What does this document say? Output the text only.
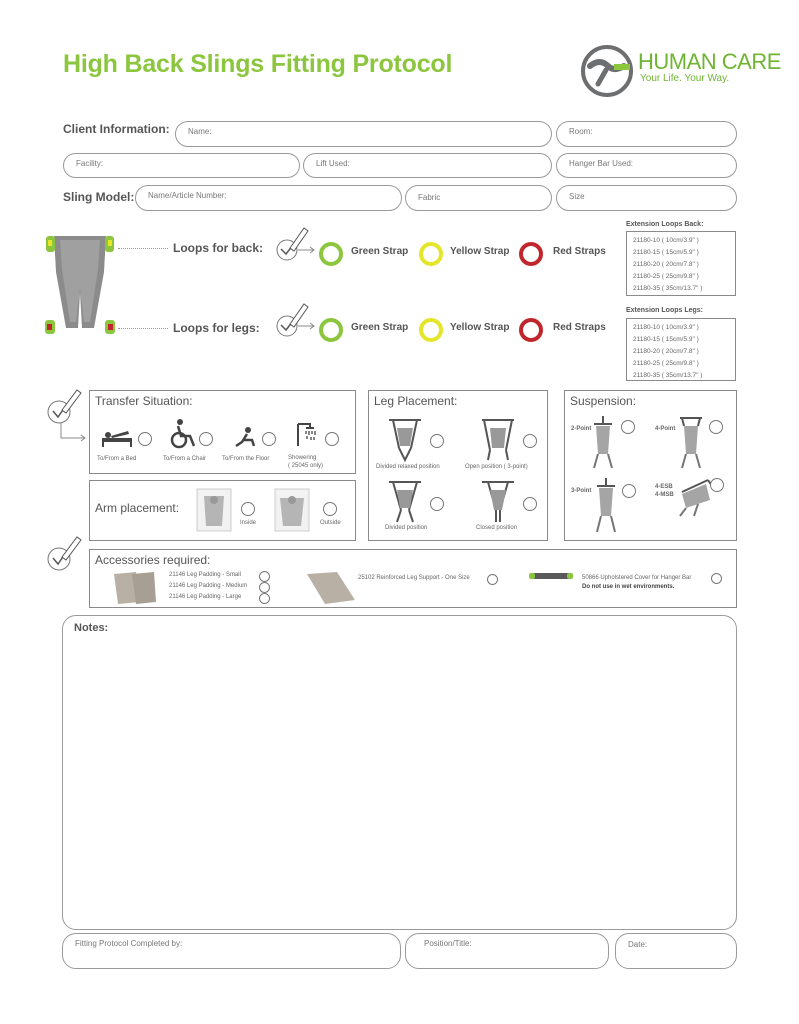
High Back Slings Fitting Protocol	HUMAN CARE
Your Life. Your Way.
Client Information: Name:	Room:
Facility:	Lift Used:	Hanger Bar Used:
Sling Model: Name/Article Number:	Fabric	Size
Loops for back:	Green Strap	Yellow Strap	Red Straps
Extension Loops Back:
21180-10 ( 10cm/3.9" )
21180-15 ( 15cm/5.9" )
21180-20 ( 20cm/7.8" )
21180-25 ( 25cm/9.8" )
21180-35 ( 35cm/13.7" )
Loops for legs:	Green Strap	Yellow Strap	Red Straps
Extension Loops Legs:
21180-10 ( 10cm/3.9" )
21180-15 ( 15cm/5.9" )
21180-20 ( 20cm/7.8" )
21180-25 ( 25cm/9.8" )
21180-35 ( 35cm/13.7" )
Transfer Situation:
To/From a Bed	To/From a Chair	To/From the Floor	Showering
( 25045 only)
Arm placement:
Inside	Outside
Leg Placement:
Divided relaxed position	Open position ( 3-point)
Divided position	Closed position
Suspension:
2-Point	4-Point
3-Point
4-ESB
4-MSB
Accessories required:
21146 Leg Padding - Small
21146 Leg Padding - Medium
21146 Leg Padding - Large
25102 Reinforced Leg Support - One Size	50866 Upholstered Cover for Hanger Bar
Do not use in wet environments.
Notes:
Fitting Protocol Completed by:	Position/Title:	Date:
